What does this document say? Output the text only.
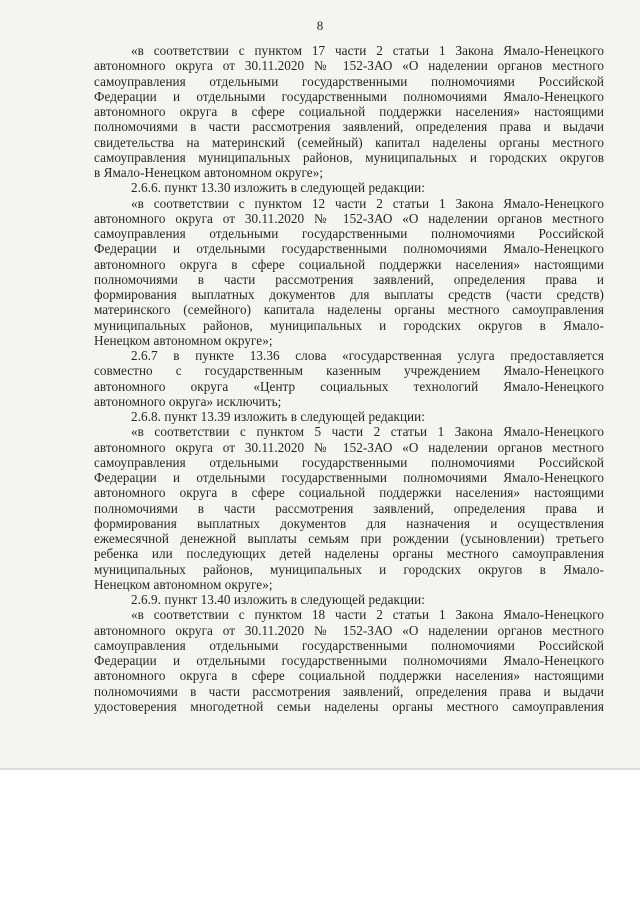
8
«в соответствии с пунктом 17 части 2 статьи 1 Закона Ямало-Ненецкого
автономного округа от 30.11.2020 № 152-ЗАО «О наделении органов местного
самоуправления отдельными государственными полномочиями Российской
Федерации и отдельными государственными полномочиями Ямало-Ненецкого
автономного округа в сфере социальной поддержки населения» настоящими
полномочиями в части рассмотрения заявлений, определения права и выдачи
свидетельства на материнский (семейный) капитал наделены органы местного
самоуправления муниципальных районов, муниципальных и городских округов
в Ямало-Ненецком автономном округе»;
2.6.6. пункт 13.30 изложить в следующей редакции:
«в соответствии с пунктом 12 части 2 статьи 1 Закона Ямало-Ненецкого
автономного округа от 30.11.2020 № 152-ЗАО «О наделении органов местного
самоуправления отдельными государственными полномочиями Российской
Федерации и отдельными государственными полномочиями Ямало-Ненецкого
автономного округа в сфере социальной поддержки населения» настоящими
полномочиями в части рассмотрения заявлений, определения права и
формирования выплатных документов для выплаты средств (части средств)
материнского (семейного) капитала наделены органы местного самоуправления
муниципальных районов, муниципальных и городских округов в Ямало-
Ненецком автономном округе»;
2.6.7 в пункте 13.36 слова «государственная услуга предоставляется
совместно с государственным казенным учреждением Ямало-Ненецкого
автономного округа «Центр социальных технологий Ямало-Ненецкого
автономного округа» исключить;
2.6.8. пункт 13.39 изложить в следующей редакции:
«в соответствии с пунктом 5 части 2 статьи 1 Закона Ямало-Ненецкого
автономного округа от 30.11.2020 № 152-ЗАО «О наделении органов местного
самоуправления отдельными государственными полномочиями Российской
Федерации и отдельными государственными полномочиями Ямало-Ненецкого
автономного округа в сфере социальной поддержки населения» настоящими
полномочиями в части рассмотрения заявлений, определения права и
формирования выплатных документов для назначения и осуществления
ежемесячной денежной выплаты семьям при рождении (усыновлении) третьего
ребенка или последующих детей наделены органы местного самоуправления
муниципальных районов, муниципальных и городских округов в Ямало-
Ненецком автономном округе»;
2.6.9. пункт 13.40 изложить в следующей редакции:
«в соответствии с пунктом 18 части 2 статьи 1 Закона Ямало-Ненецкого
автономного округа от 30.11.2020 № 152-ЗАО «О наделении органов местного
самоуправления отдельными государственными полномочиями Российской
Федерации и отдельными государственными полномочиями Ямало-Ненецкого
автономного округа в сфере социальной поддержки населения» настоящими
полномочиями в части рассмотрения заявлений, определения права и выдачи
удостоверения многодетной семьи наделены органы местного самоуправления
